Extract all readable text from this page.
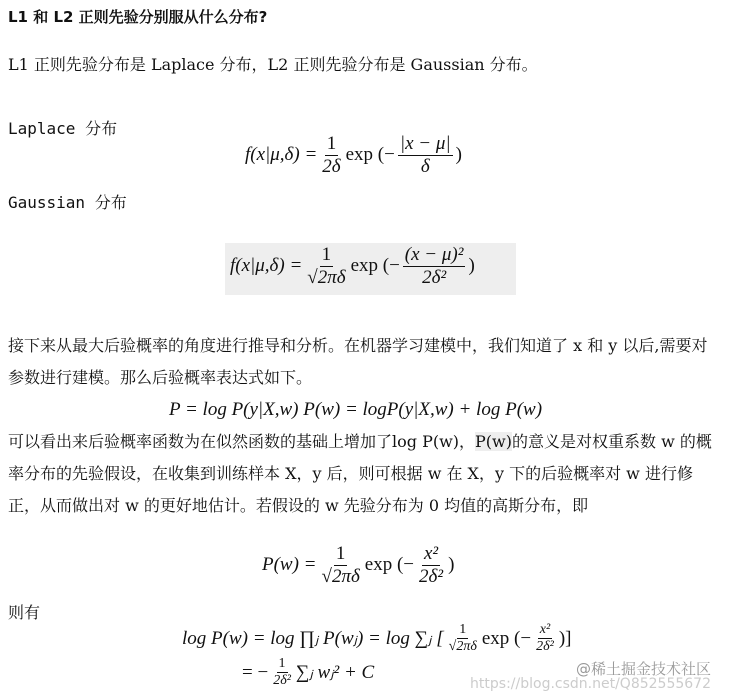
L1 和 L2 正则先验分别服从什么分布?
L1 正则先验分布是 Laplace 分布，L2 正则先验分布是 Gaussian 分布。
Laplace 分布
$f(x|\mu,\delta) = \frac{1}{2\delta}$ exp (− $\frac{|x - \mu|}{\delta}$ )
Gaussian 分布
$f(x|\mu,\delta) = \frac{1}{√2\pi\delta}$ exp (− $\frac{\text{(x − μ)²}}{\text{2δ²}}$ )
接下来从最大后验概率的角度进行推导和分析。在机器学习建模中，我们知道了 x 和 y 以后,需要对参数进行建模。那么后验概率表达式如下。
P = log P(y|X,w) P(w) = logP(y|X,w) + log P(w)
可以看出来后验概率函数为在似然函数的基础上增加了log P(w)，P(w)的意义是对权重系数 w 的概率分布的先验假设，在收集到训练样本 X，y 后，则可根据 w 在 X，y 下的后验概率对 w 进行修正，从而做出对 w 的更好地估计。若假设的 w 先验分布为 0 均值的高斯分布，即
$P(w) = \frac{1}{√2\pi\delta}$ exp (− $\frac{\text{x²}}{\text{2δ²}}$ )
则有
log P(w) = log ∏ⱼ P(wⱼ) = log ∑ⱼ [ $\frac{1}{√2\pi\delta}$ exp (− $\frac{\text{x²}}{\text{2δ²}}$ )]
= − $\frac{1}{\text{2δ²}}$ ∑ⱼ wⱼ² + C	@稀土掘金技术社区
https://blog.csdn.net/Q852555672
